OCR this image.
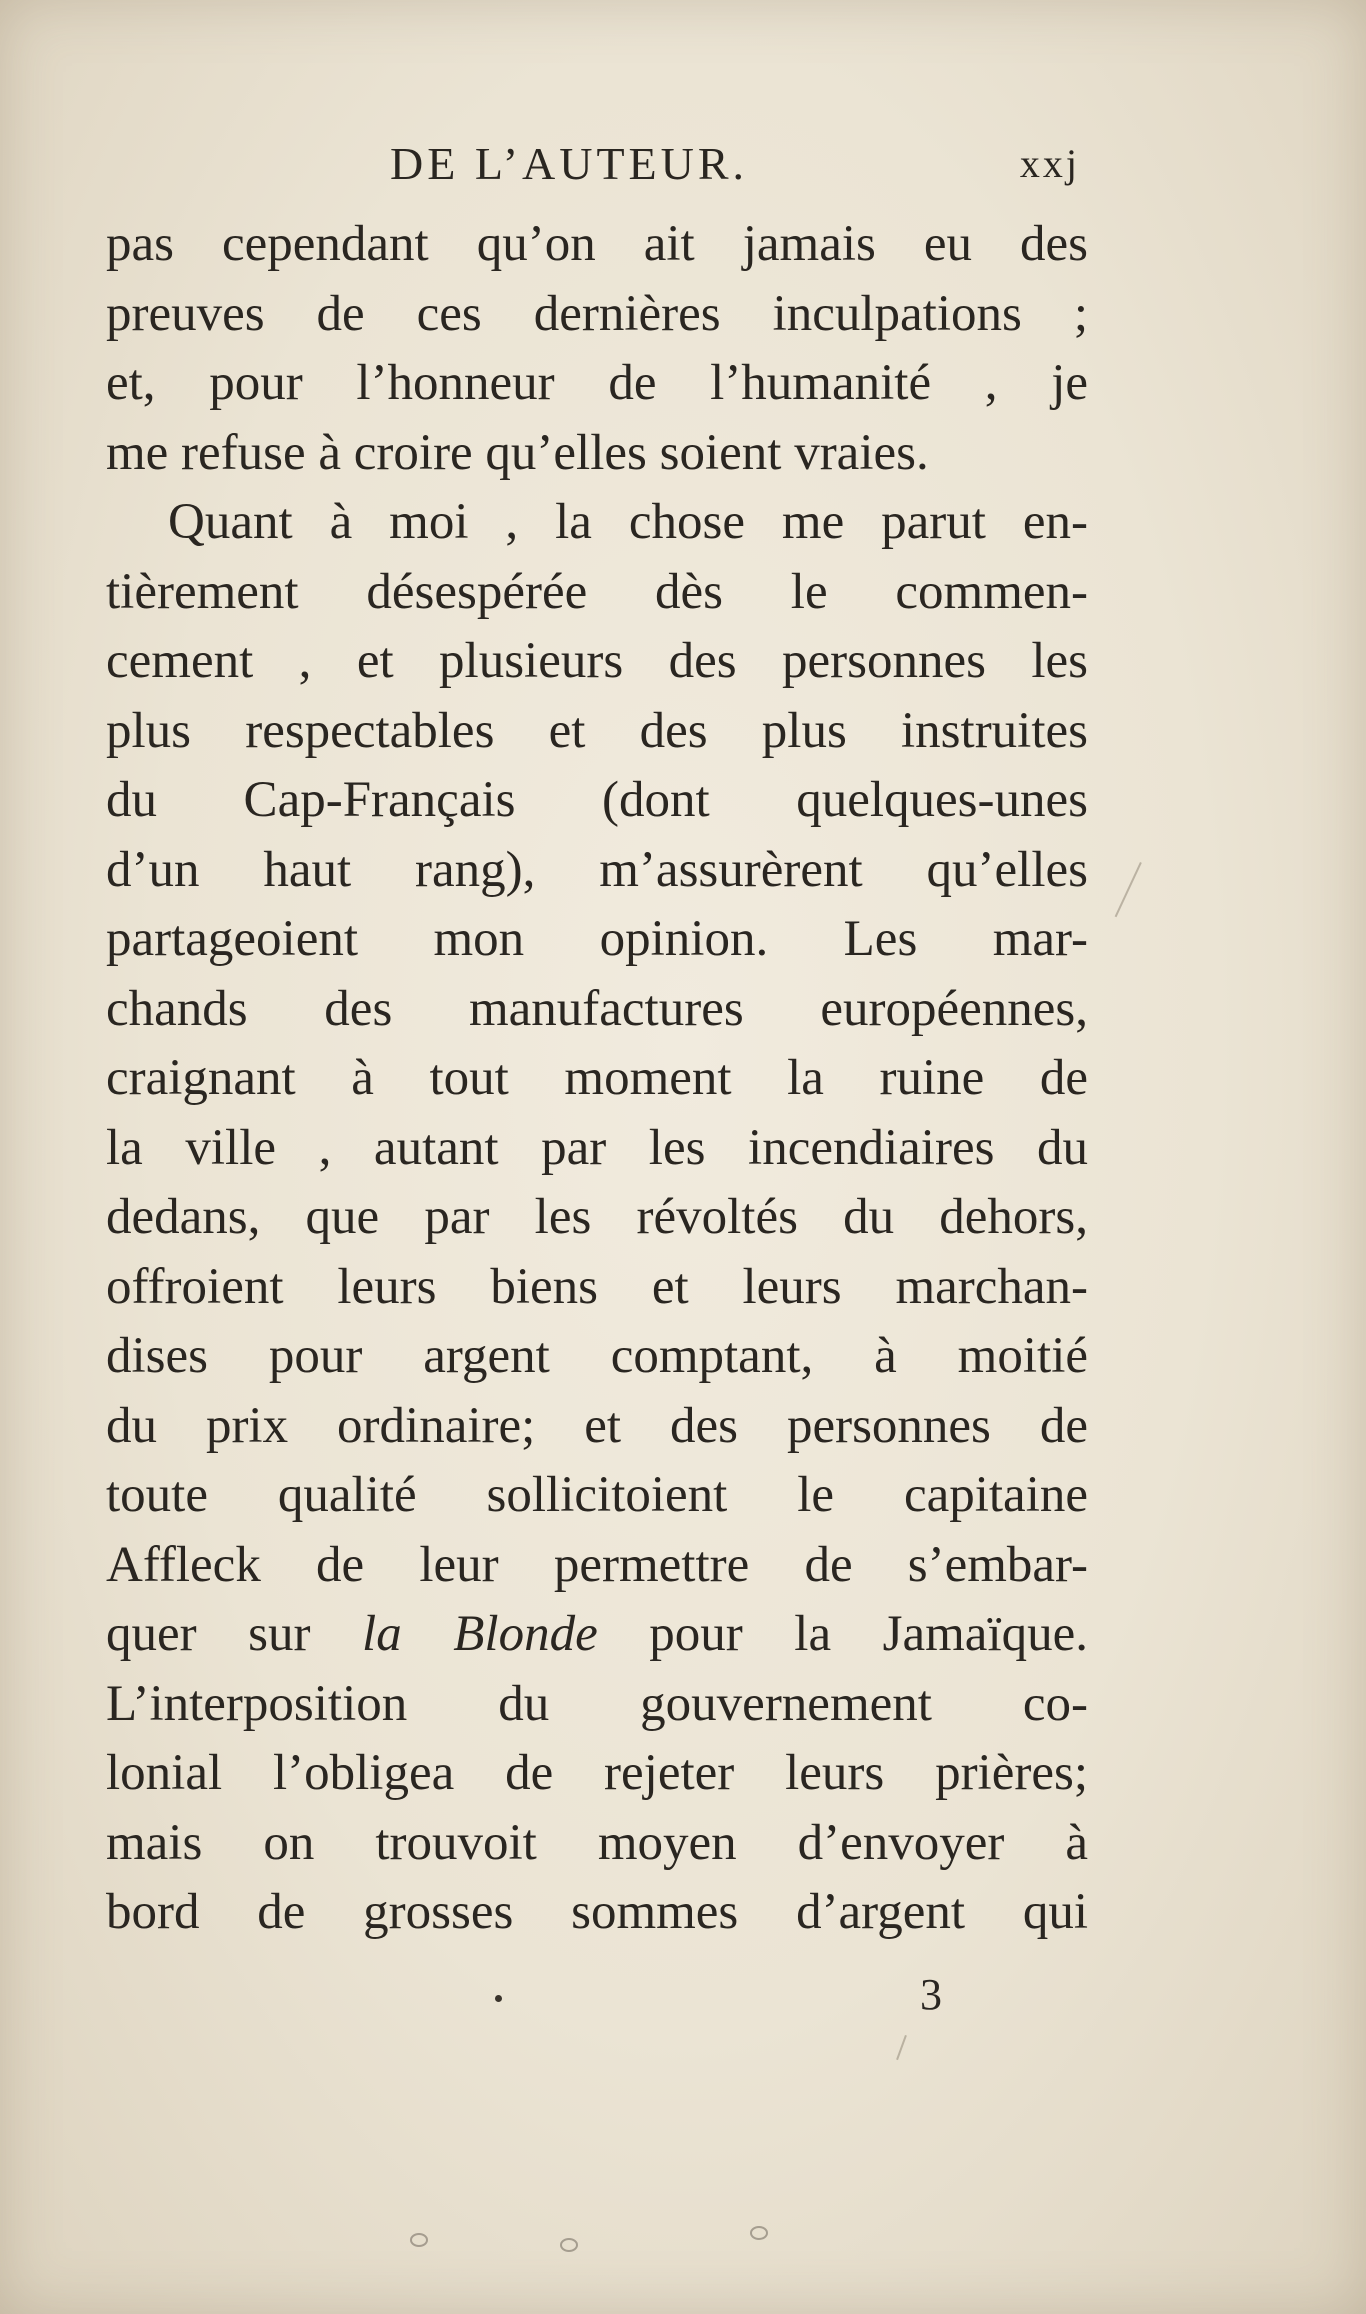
DE L’AUTEUR.	xxj
pas cependant qu’on ait jamais eu des
preuves de ces dernières inculpations ;
et, pour l’honneur de l’humanité , je
me refuse à croire qu’elles soient vraies.
Quant à moi , la chose me parut en-
tièrement désespérée dès le commen-
cement , et plusieurs des personnes les
plus respectables et des plus instruites
du Cap-Français (dont quelques-unes
d’un haut rang), m’assurèrent qu’elles
partageoient mon opinion. Les mar-
chands des manufactures européennes,
craignant à tout moment la ruine de
la ville , autant par les incendiaires du
dedans, que par les révoltés du dehors,
offroient leurs biens et leurs marchan-
dises pour argent comptant, à moitié
du prix ordinaire; et des personnes de
toute qualité sollicitoient le capitaine
Affleck de leur permettre de s’embar-
quer sur la Blonde pour la Jamaïque.
L’interposition du gouvernement co-
lonial l’obligea de rejeter leurs prières;
mais on trouvoit moyen d’envoyer à
bord de grosses sommes d’argent qui
3
